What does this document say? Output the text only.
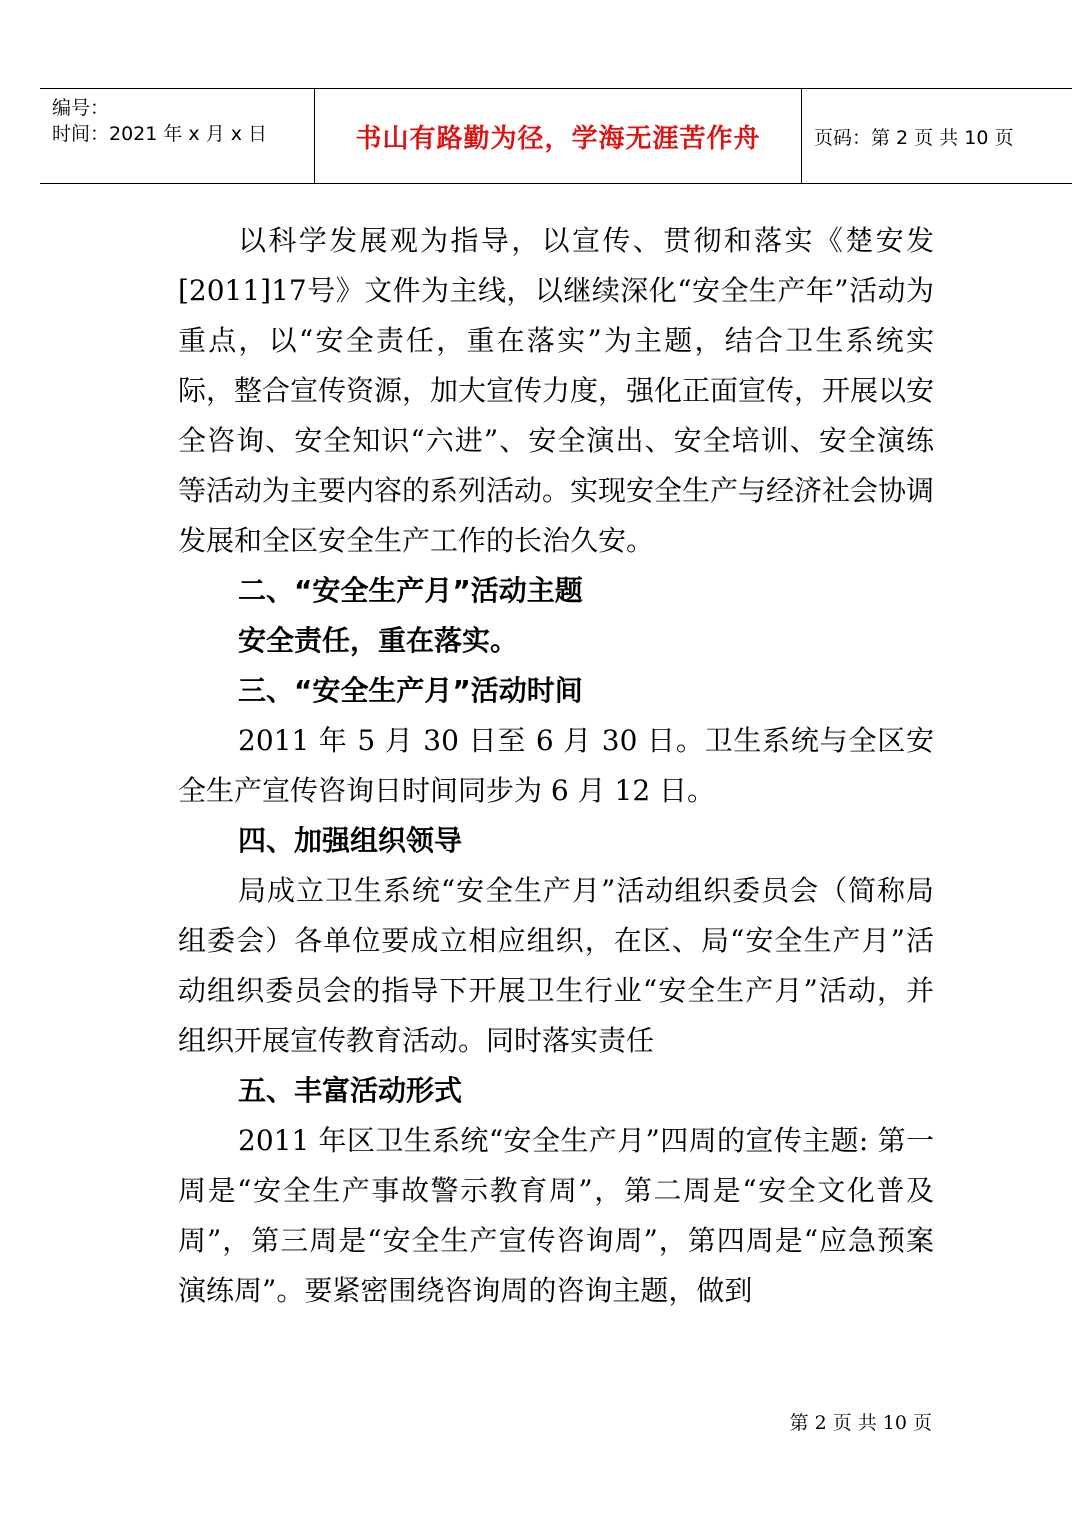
编号：
时间：2021 年 x 月 x 日	书山有路勤为径，学海无涯苦作舟	页码：第 2 页 共 10 页

以科学发展观为指导，以宣传、贯彻和落实《楚安发[2011]17号》文件为主线，以继续深化“安全生产年”活动为重点，以“安全责任，重在落实”为主题，结合卫生系统实际，整合宣传资源，加大宣传力度，强化正面宣传，开展以安全咨询、安全知识“六进”、安全演出、安全培训、安全演练等活动为主要内容的系列活动。实现安全生产与经济社会协调发展和全区安全生产工作的长治久安。

二、“安全生产月”活动主题

安全责任，重在落实。

三、“安全生产月”活动时间

2011 年 5 月 30 日至 6 月 30 日。卫生系统与全区安全生产宣传咨询日时间同步为 6 月 12 日。

四、加强组织领导

局成立卫生系统“安全生产月”活动组织委员会（简称局组委会）各单位要成立相应组织，在区、局“安全生产月”活动组织委员会的指导下开展卫生行业“安全生产月”活动，并组织开展宣传教育活动。同时落实责任

五、丰富活动形式

2011 年区卫生系统“安全生产月”四周的宣传主题: 第一周是“安全生产事故警示教育周”，第二周是“安全文化普及周”，第三周是“安全生产宣传咨询周”，第四周是“应急预案演练周”。要紧密围绕咨询周的咨询主题，做到

第 2 页 共 10 页
